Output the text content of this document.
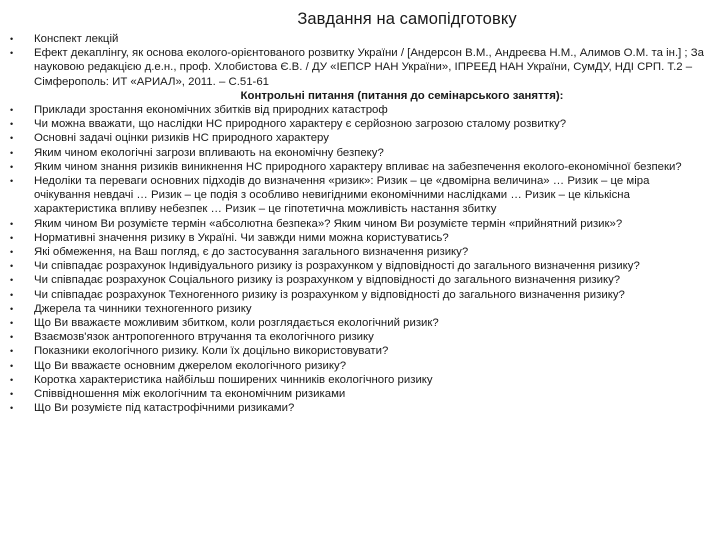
Завдання на самопідготовку
•	Конспект лекцій
•	Ефект декаплінгу, як основа еколого-орієнтованого розвитку України / [Андерсон В.М., Андреєва Н.М., Алимов О.М. та ін.] ; За науковою редакцією д.е.н., проф. Хлобистова Є.В. / ДУ «ІЕПСР НАН України», ІПРЕЕД НАН України, СумДУ, НДІ СРП. Т.2 – Сімферополь: ИТ «АРИАЛ», 2011. – С.51-61
Контрольні питання (питання до семінарського заняття):
•	Приклади зростання економічних збитків від природних катастроф
•	Чи можна вважати, що наслідки НС природного характеру є серйозною загрозою сталому розвитку?
•	Основні задачі оцінки ризиків НС природного характеру
•	Яким чином екологічні загрози впливають на економічну безпеку?
•	Яким чином знання ризиків виникнення НС природного характеру впливає на забезпечення еколого-економічної безпеки?
•	Недоліки та переваги основних підходів до визначення «ризик»: Ризик – це «двомірна величина» … Ризик – це міра очікування невдачі … Ризик – це подія з особливо невигідними економічними наслідками … Ризик – це кількісна характеристика впливу небезпек … Ризик – це гіпотетична можливість настання збитку
•	Яким чином Ви розумієте термін «абсолютна безпека»? Яким чином Ви розумієте термін «прийнятний ризик»?
•	Нормативні значення ризику в Україні. Чи завжди ними можна користуватись?
•	Які обмеження, на Ваш погляд, є до застосування загального визначення ризику?
•	Чи співпадає розрахунок Індивідуального ризику із розрахунком у відповідності до загального визначення ризику?
•	Чи співпадає розрахунок Соціального ризику із розрахунком у відповідності до загального визначення ризику?
•	Чи співпадає розрахунок Техногенного ризику із розрахунком у відповідності до загального визначення ризику?
•	Джерела та чинники техногенного ризику
•	Що Ви вважаєте можливим збитком, коли розглядається екологічний ризик?
•	Взаємозв'язок антропогенного втручання та екологічного ризику
•	Показники екологічного ризику. Коли їх доцільно використовувати?
•	Що Ви вважаєте основним джерелом екологічного ризику?
•	Коротка характеристика найбільш поширених чинників екологічного ризику
•	Співвідношення між екологічним та економічним ризиками
•	Що Ви розумієте під катастрофічними ризиками?
